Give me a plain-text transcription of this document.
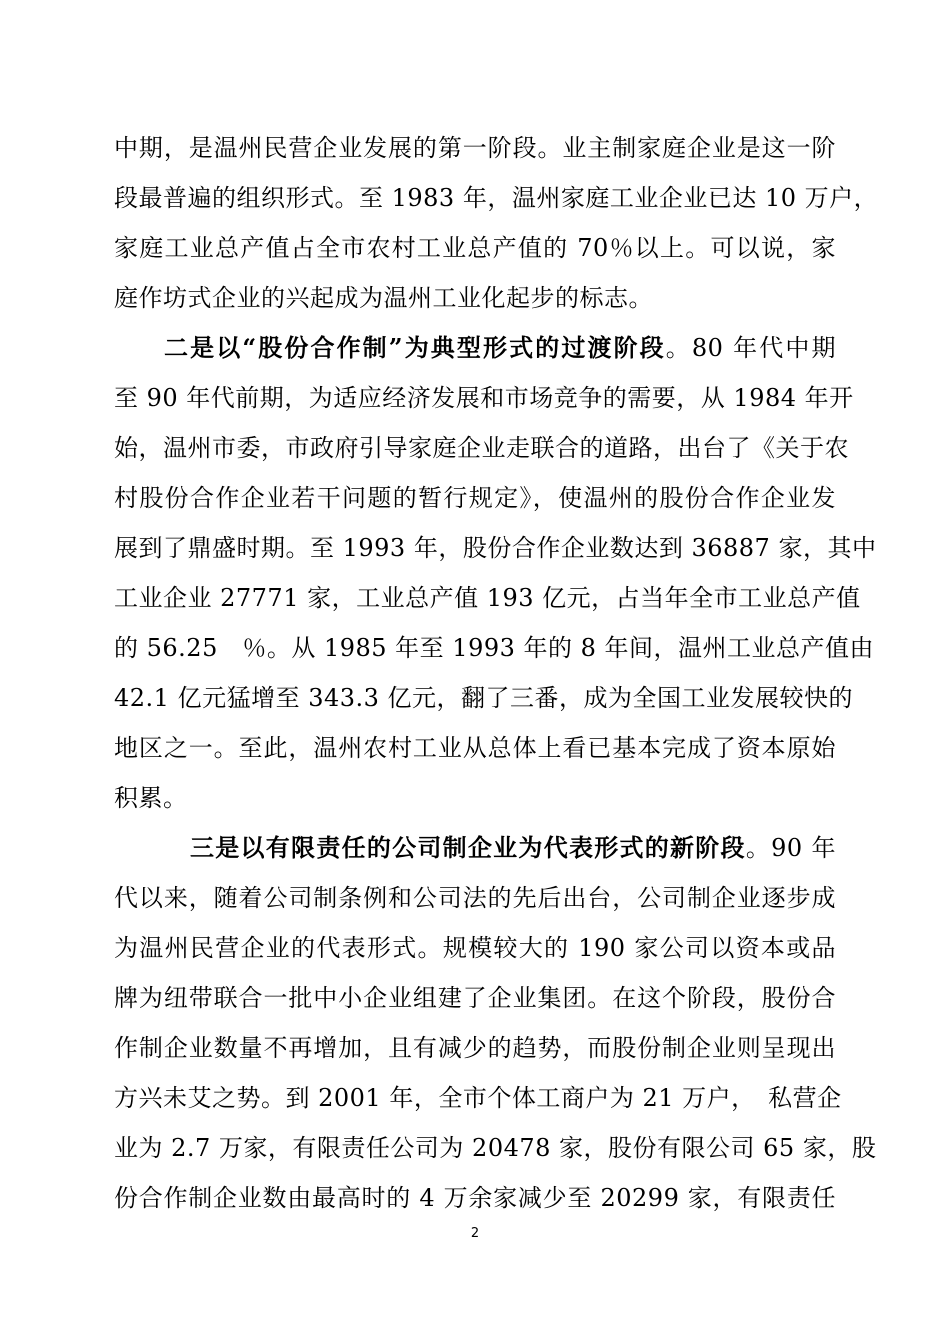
中期，是温州民营企业发展的第一阶段。业主制家庭企业是这一阶
段最普遍的组织形式。至 1983 年，温州家庭工业企业已达 10 万户，
家庭工业总产值占全市农村工业总产值的 70％以上。可以说，家
庭作坊式企业的兴起成为温州工业化起步的标志。
二是以“股份合作制”为典型形式的过渡阶段。80 年代中期
至 90 年代前期，为适应经济发展和市场竞争的需要，从 1984 年开
始，温州市委，市政府引导家庭企业走联合的道路，出台了《关于农
村股份合作企业若干问题的暂行规定》，使温州的股份合作企业发
展到了鼎盛时期。至 1993 年，股份合作企业数达到 36887 家，其中
工业企业 27771 家，工业总产值 193 亿元，占当年全市工业总产值
的 56.25　％。从 1985 年至 1993 年的 8 年间，温州工业总产值由
42.1 亿元猛增至 343.3 亿元，翻了三番，成为全国工业发展较快的
地区之一。至此，温州农村工业从总体上看已基本完成了资本原始
积累。
三是以有限责任的公司制企业为代表形式的新阶段。90 年
代以来，随着公司制条例和公司法的先后出台，公司制企业逐步成
为温州民营企业的代表形式。规模较大的 190 家公司以资本或品
牌为纽带联合一批中小企业组建了企业集团。在这个阶段，股份合
作制企业数量不再增加，且有减少的趋势，而股份制企业则呈现出
方兴未艾之势。到 2001 年，全市个体工商户为 21 万户，　私营企
业为 2.7 万家，有限责任公司为 20478 家，股份有限公司 65 家，股
份合作制企业数由最高时的 4 万余家减少至 20299 家，有限责任
2
